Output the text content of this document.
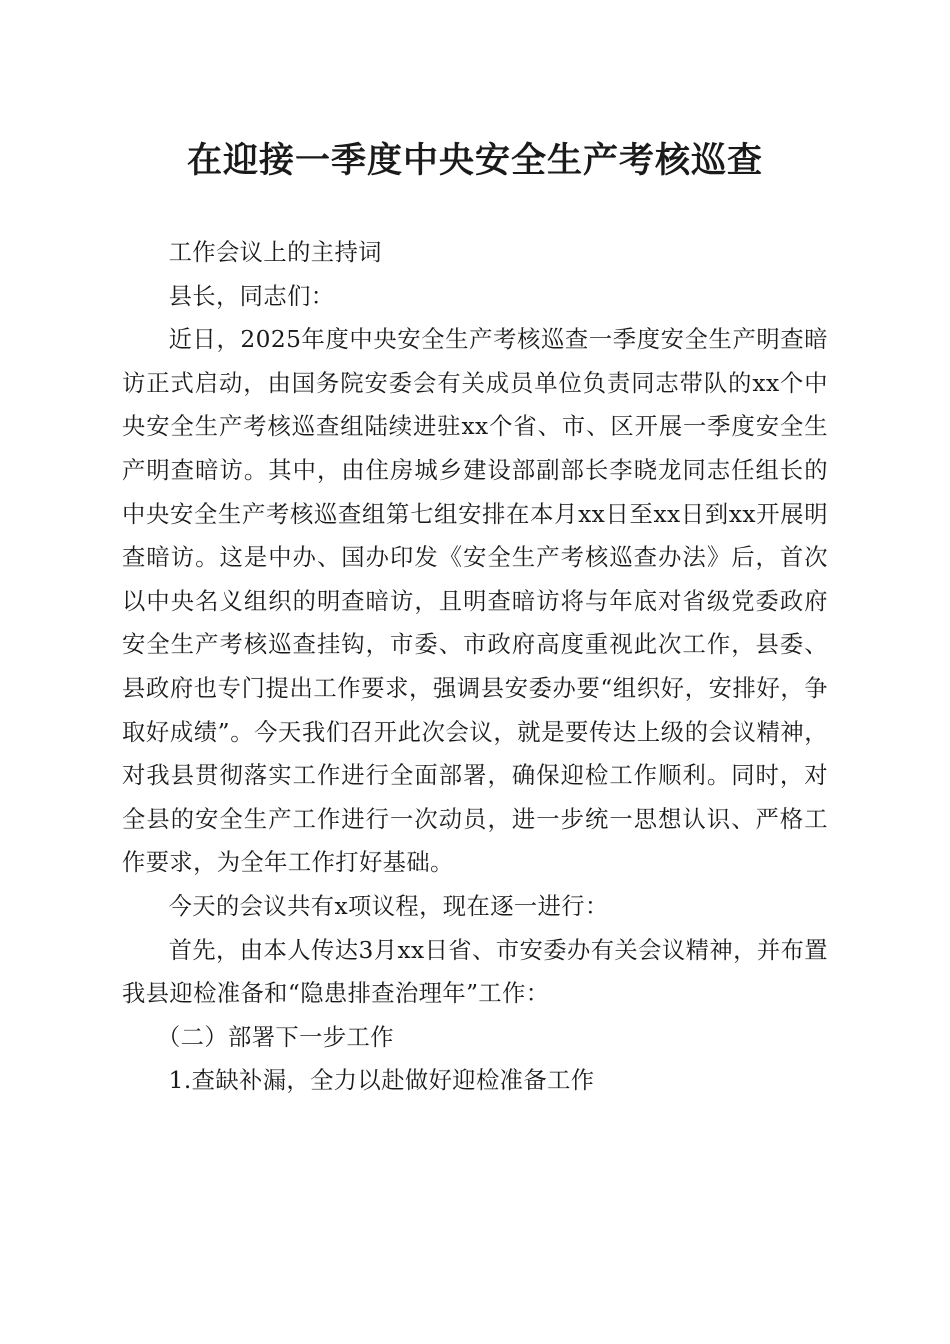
在迎接一季度中央安全生产考核巡查

工作会议上的主持词

县长，同志们：

近日，2025年度中央安全生产考核巡查一季度安全生产明查暗访正式启动，由国务院安委会有关成员单位负责同志带队的xx个中央安全生产考核巡查组陆续进驻xx个省、市、区开展一季度安全生产明查暗访。其中，由住房城乡建设部副部长李晓龙同志任组长的中央安全生产考核巡查组第七组安排在本月xx日至xx日到xx开展明查暗访。这是中办、国办印发《安全生产考核巡查办法》后，首次以中央名义组织的明查暗访，且明查暗访将与年底对省级党委政府安全生产考核巡查挂钩，市委、市政府高度重视此次工作，县委、县政府也专门提出工作要求，强调县安委办要“组织好，安排好，争取好成绩”。今天我们召开此次会议，就是要传达上级的会议精神，对我县贯彻落实工作进行全面部署，确保迎检工作顺利。同时，对全县的安全生产工作进行一次动员，进一步统一思想认识、严格工作要求，为全年工作打好基础。

今天的会议共有x项议程，现在逐一进行：

首先，由本人传达3月xx日省、市安委办有关会议精神，并布置我县迎检准备和“隐患排查治理年”工作：

（二）部署下一步工作

1.查缺补漏，全力以赴做好迎检准备工作
